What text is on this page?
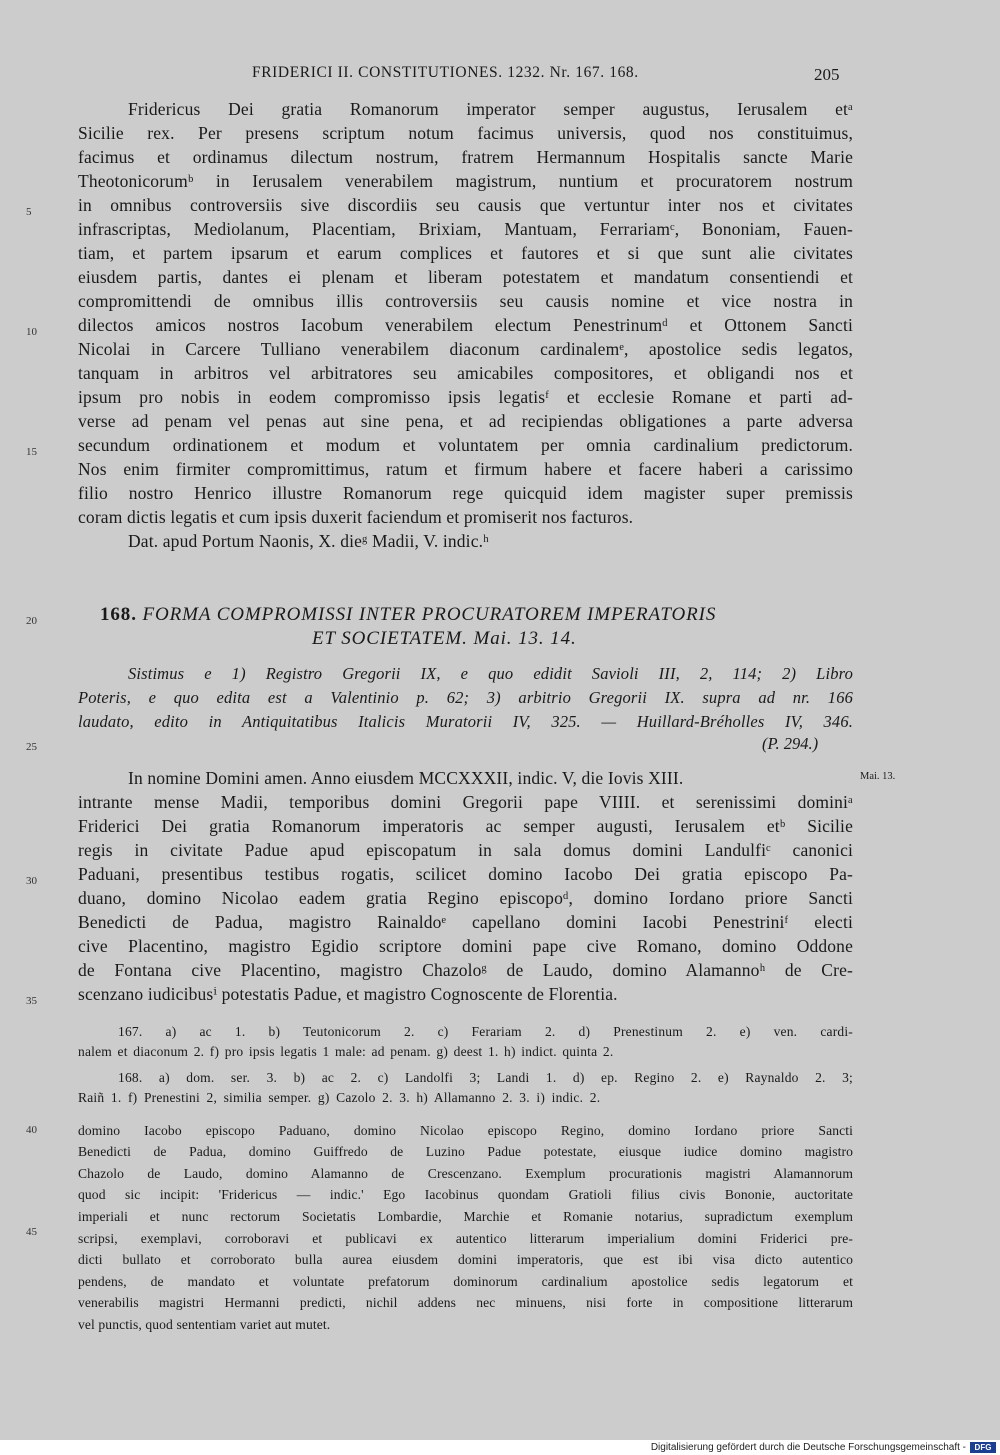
FRIDERICI II. CONSTITUTIONES. 1232. Nr. 167. 168.	205
Fridericus Dei gratia Romanorum imperator semper augustus, Ierusalem etᵃ
Sicilie rex. Per presens scriptum notum facimus universis, quod nos constituimus,
facimus et ordinamus dilectum nostrum, fratrem Hermannum Hospitalis sancte Marie
Theotonicorumᵇ in Ierusalem venerabilem magistrum, nuntium et procuratorem nostrum
in omnibus controversiis sive discordiis seu causis que vertuntur inter nos et civitates
infrascriptas, Mediolanum, Placentiam, Brixiam, Mantuam, Ferrariamᶜ, Bononiam, Fauen-
tiam, et partem ipsarum et earum complices et fautores et si que sunt alie civitates
eiusdem partis, dantes ei plenam et liberam potestatem et mandatum consentiendi et
compromittendi de omnibus illis controversiis seu causis nomine et vice nostra in
dilectos amicos nostros Iacobum venerabilem electum Penestrinumᵈ et Ottonem Sancti
Nicolai in Carcere Tulliano venerabilem diaconum cardinalemᵉ, apostolice sedis legatos,
tanquam in arbitros vel arbitratores seu amicabiles compositores, et obligandi nos et
ipsum pro nobis in eodem compromisso ipsis legatisᶠ et ecclesie Romane et parti ad-
verse ad penam vel penas aut sine pena, et ad recipiendas obligationes a parte adversa
secundum ordinationem et modum et voluntatem per omnia cardinalium predictorum.
Nos enim firmiter compromittimus, ratum et firmum habere et facere haberi a carissimo
filio nostro Henrico illustre Romanorum rege quicquid idem magister super premissis
coram dictis legatis et cum ipsis duxerit faciendum et promiserit nos facturos.
Dat. apud Portum Naonis, X. dieᵍ Madii, V. indic.ʰ
168. FORMA COMPROMISSI INTER PROCURATOREM IMPERATORIS
ET SOCIETATEM. Mai. 13. 14.
Sistimus e 1) Registro Gregorii IX, e quo edidit Savioli III, 2, 114; 2) Libro
Poteris, e quo edita est a Valentinio p. 62; 3) arbitrio Gregorii IX. supra ad nr. 166
laudato, edito in Antiquitatibus Italicis Muratorii IV, 325. — Huillard-Bréholles IV, 346.
(P. 294.)
In nomine Domini amen. Anno eiusdem MCCXXXII, indic. V, die Iovis XIII.	Mai. 13.
intrante mense Madii, temporibus domini Gregorii pape VIIII. et serenissimi dominiᵃ
Friderici Dei gratia Romanorum imperatoris ac semper augusti, Ierusalem etᵇ Sicilie
regis in civitate Padue apud episcopatum in sala domus domini Landulfiᶜ canonici
Paduani, presentibus testibus rogatis, scilicet domino Iacobo Dei gratia episcopo Pa-
duano, domino Nicolao eadem gratia Regino episcopoᵈ, domino Iordano priore Sancti
Benedicti de Padua, magistro Rainaldoᵉ capellano domini Iacobi Penestriniᶠ electi
cive Placentino, magistro Egidio scriptore domini pape cive Romano, domino Oddone
de Fontana cive Placentino, magistro Chazoloᵍ de Laudo, domino Alamannoʰ de Cre-
scenzano iudicibusⁱ potestatis Padue, et magistro Cognoscente de Florentia.
5
10
15
20
25
30
35
40
45
167. a) ac 1. b) Teutonicorum 2. c) Ferariam 2. d) Prenestinum 2. e) ven. cardi-
nalem et diaconum 2. f) pro ipsis legatis 1 male: ad penam. g) deest 1. h) indict. quinta 2.
168. a) dom. ser. 3. b) ac 2. c) Landolfi 3; Landi 1. d) ep. Regino 2. e) Raynaldo 2. 3;
Raiñ 1. f) Prenestini 2, similia semper. g) Cazolo 2. 3. h) Allamanno 2. 3. i) indic. 2.
domino Iacobo episcopo Paduano, domino Nicolao episcopo Regino, domino Iordano priore Sancti
Benedicti de Padua, domino Guiffredo de Luzino Padue potestate, eiusque iudice domino magistro
Chazolo de Laudo, domino Alamanno de Crescenzano. Exemplum procurationis magistri Alamannorum
quod sic incipit: 'Fridericus — indic.' Ego Iacobinus quondam Gratioli filius civis Bononie, auctoritate
imperiali et nunc rectorum Societatis Lombardie, Marchie et Romanie notarius, supradictum exemplum
scripsi, exemplavi, corroboravi et publicavi ex autentico litterarum imperialium domini Friderici pre-
dicti bullato et corroborato bulla aurea eiusdem domini imperatoris, que est ibi visa dicto autentico
pendens, de mandato et voluntate prefatorum dominorum cardinalium apostolice sedis legatorum et
venerabilis magistri Hermanni predicti, nichil addens nec minuens, nisi forte in compositione litterarum
vel punctis, quod sententiam variet aut mutet.
Digitalisierung gefördert durch die Deutsche Forschungsgemeinschaft -	DFG
